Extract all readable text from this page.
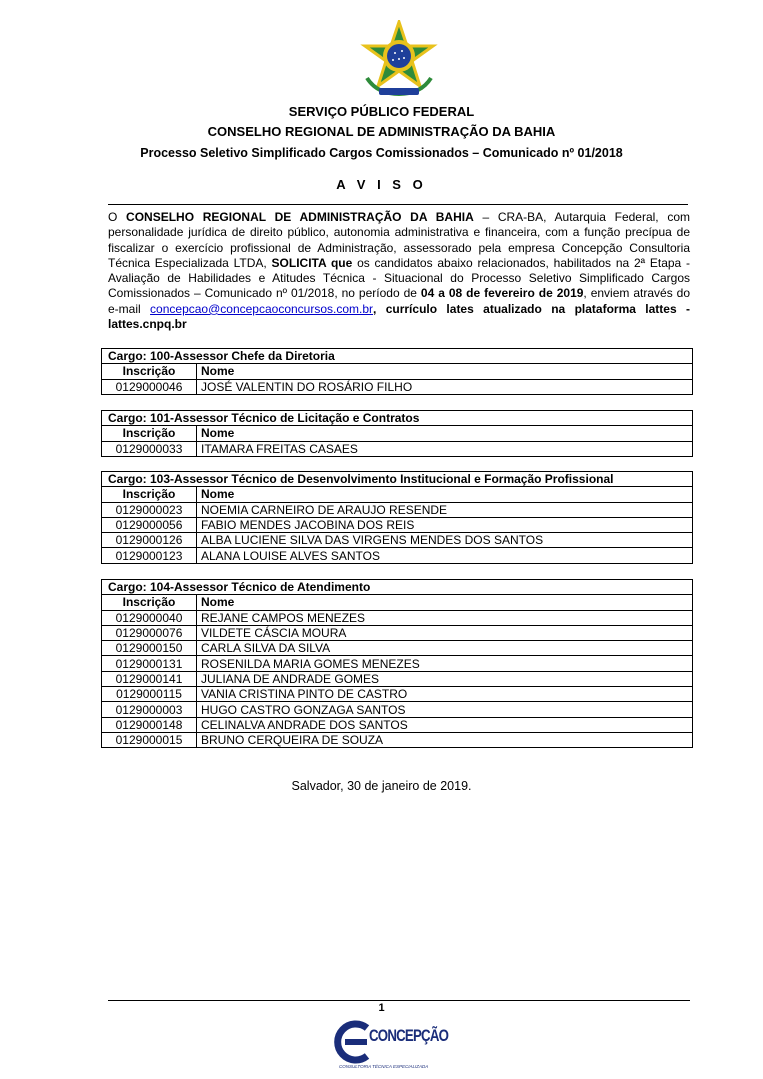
SERVIÇO PÚBLICO FEDERAL
CONSELHO REGIONAL DE ADMINISTRAÇÃO DA BAHIA
Processo Seletivo Simplificado Cargos Comissionados – Comunicado nº 01/2018
A V I S O
O CONSELHO REGIONAL DE ADMINISTRAÇÃO DA BAHIA – CRA-BA, Autarquia Federal, com personalidade jurídica de direito público, autonomia administrativa e financeira, com a função precípua de fiscalizar o exercício profissional de Administração, assessorado pela empresa Concepção Consultoria Técnica Especializada LTDA, SOLICITA que os candidatos abaixo relacionados, habilitados na 2ª Etapa - Avaliação de Habilidades e Atitudes Técnica - Situacional do Processo Seletivo Simplificado Cargos Comissionados – Comunicado nº 01/2018, no período de 04 a 08 de fevereiro de 2019, enviem através do e-mail concepcao@concepcaoconcursos.com.br, currículo lates atualizado na plataforma lattes - lattes.cnpq.br
Cargo: 100-Assessor Chefe da Diretoria	
Inscrição	Nome
0129000046	JOSÉ VALENTIN DO ROSÁRIO FILHO
Cargo: 101-Assessor Técnico de Licitação e Contratos	
Inscrição	Nome
0129000033	ITAMARA FREITAS CASAES
Cargo: 103-Assessor Técnico de Desenvolvimento Institucional e Formação Profissional	
Inscrição	Nome
0129000023	NOEMIA CARNEIRO DE ARAUJO RESENDE
0129000056	FABIO MENDES JACOBINA DOS REIS
0129000126	ALBA LUCIENE SILVA DAS VIRGENS MENDES DOS SANTOS
0129000123	ALANA LOUISE ALVES SANTOS
Cargo: 104-Assessor Técnico de Atendimento	
Inscrição	Nome
0129000040	REJANE CAMPOS MENEZES
0129000076	VILDETE CÁSCIA MOURA
0129000150	CARLA SILVA DA SILVA
0129000131	ROSENILDA MARIA GOMES MENEZES
0129000141	JULIANA DE ANDRADE GOMES
0129000115	VANIA CRISTINA PINTO DE CASTRO
0129000003	HUGO CASTRO GONZAGA SANTOS
0129000148	CELINALVA ANDRADE DOS SANTOS
0129000015	BRUNO CERQUEIRA DE SOUZA
Salvador, 30 de janeiro de 2019.
1
CONCEPÇÃO
CONSULTORIA TÉCNICA ESPECIALIZADA
